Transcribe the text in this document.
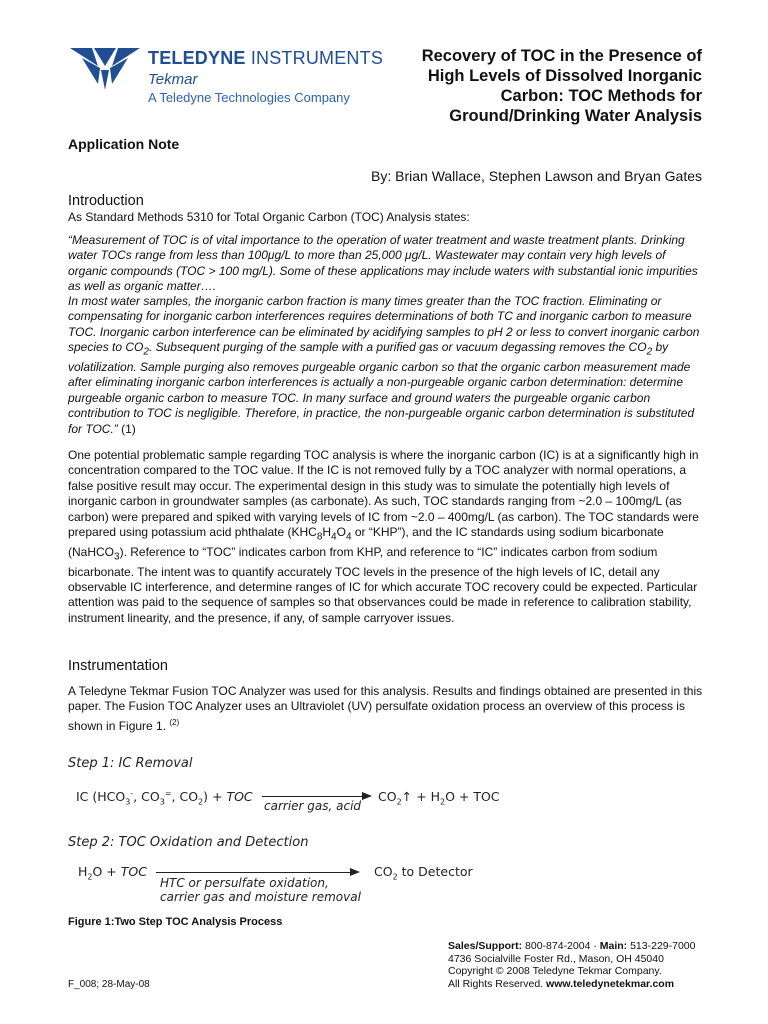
TELEDYNE INSTRUMENTS
Tekmar
A Teledyne Technologies Company
Recovery of TOC in the Presence of
High Levels of Dissolved Inorganic
Carbon: TOC Methods for
Ground/Drinking Water Analysis
Application Note
By: Brian Wallace, Stephen Lawson and Bryan Gates
Introduction
As Standard Methods 5310 for Total Organic Carbon (TOC) Analysis states:
“Measurement of TOC is of vital importance to the operation of water treatment and waste treatment plants. Drinking water TOCs range from less than 100μg/L to more than 25,000 μg/L. Wastewater may contain very high levels of organic compounds (TOC > 100 mg/L). Some of these applications may include waters with substantial ionic impurities as well as organic matter….
In most water samples, the inorganic carbon fraction is many times greater than the TOC fraction. Eliminating or compensating for inorganic carbon interferences requires determinations of both TC and inorganic carbon to measure TOC. Inorganic carbon interference can be eliminated by acidifying samples to pH 2 or less to convert inorganic carbon species to $CO_2$. Subsequent purging of the sample with a purified gas or vacuum degassing removes the $CO_2$ by volatilization. Sample purging also removes purgeable organic carbon so that the organic carbon measurement made after eliminating inorganic carbon interferences is actually a non-purgeable organic carbon determination: determine purgeable organic carbon to measure TOC. In many surface and ground waters the purgeable organic carbon contribution to TOC is negligible. Therefore, in practice, the non-purgeable organic carbon determination is substituted for TOC.” (1)
One potential problematic sample regarding TOC analysis is where the inorganic carbon (IC) is at a significantly high in concentration compared to the TOC value. If the IC is not removed fully by a TOC analyzer with normal operations, a false positive result may occur. The experimental design in this study was to simulate the potentially high levels of inorganic carbon in groundwater samples (as carbonate). As such, TOC standards ranging from ~2.0 – 100mg/L (as carbon) were prepared and spiked with varying levels of IC from ~2.0 – 400mg/L (as carbon). The TOC standards were prepared using potassium acid phthalate ($KHC_8H_4O_4$ or “KHP”), and the IC standards using sodium bicarbonate (NaHCO$_3$). Reference to “TOC” indicates carbon from KHP, and reference to “IC” indicates carbon from sodium bicarbonate. The intent was to quantify accurately TOC levels in the presence of the high levels of IC, detail any observable IC interference, and determine ranges of IC for which accurate TOC recovery could be expected. Particular attention was paid to the sequence of samples so that observances could be made in reference to calibration stability, instrument linearity, and the presence, if any, of sample carryover issues.
Instrumentation
A Teledyne Tekmar Fusion TOC Analyzer was used for this analysis. Results and findings obtained are presented in this paper. The Fusion TOC Analyzer uses an Ultraviolet (UV) persulfate oxidation process an overview of this process is shown in Figure 1. $^{(2)}$
Step 1: IC Removal
IC ($HCO_3^-$, $CO_3^=$, $CO_2$) + TOC
carrier gas, acid
$CO_2↑ + H_2O$ + TOC
Step 2: TOC Oxidation and Detection
$H_2O$ + TOC
HTC or persulfate oxidation,
carrier gas and moisture removal
$CO_2$ to Detector
Figure 1:Two Step TOC Analysis Process
Sales/Support: 800-874-2004 · Main: 513-229-7000
4736 Socialville Foster Rd., Mason, OH 45040
Copyright © 2008 Teledyne Tekmar Company.
All Rights Reserved. www.teledynetekmar.com
F_008; 28-May-08
